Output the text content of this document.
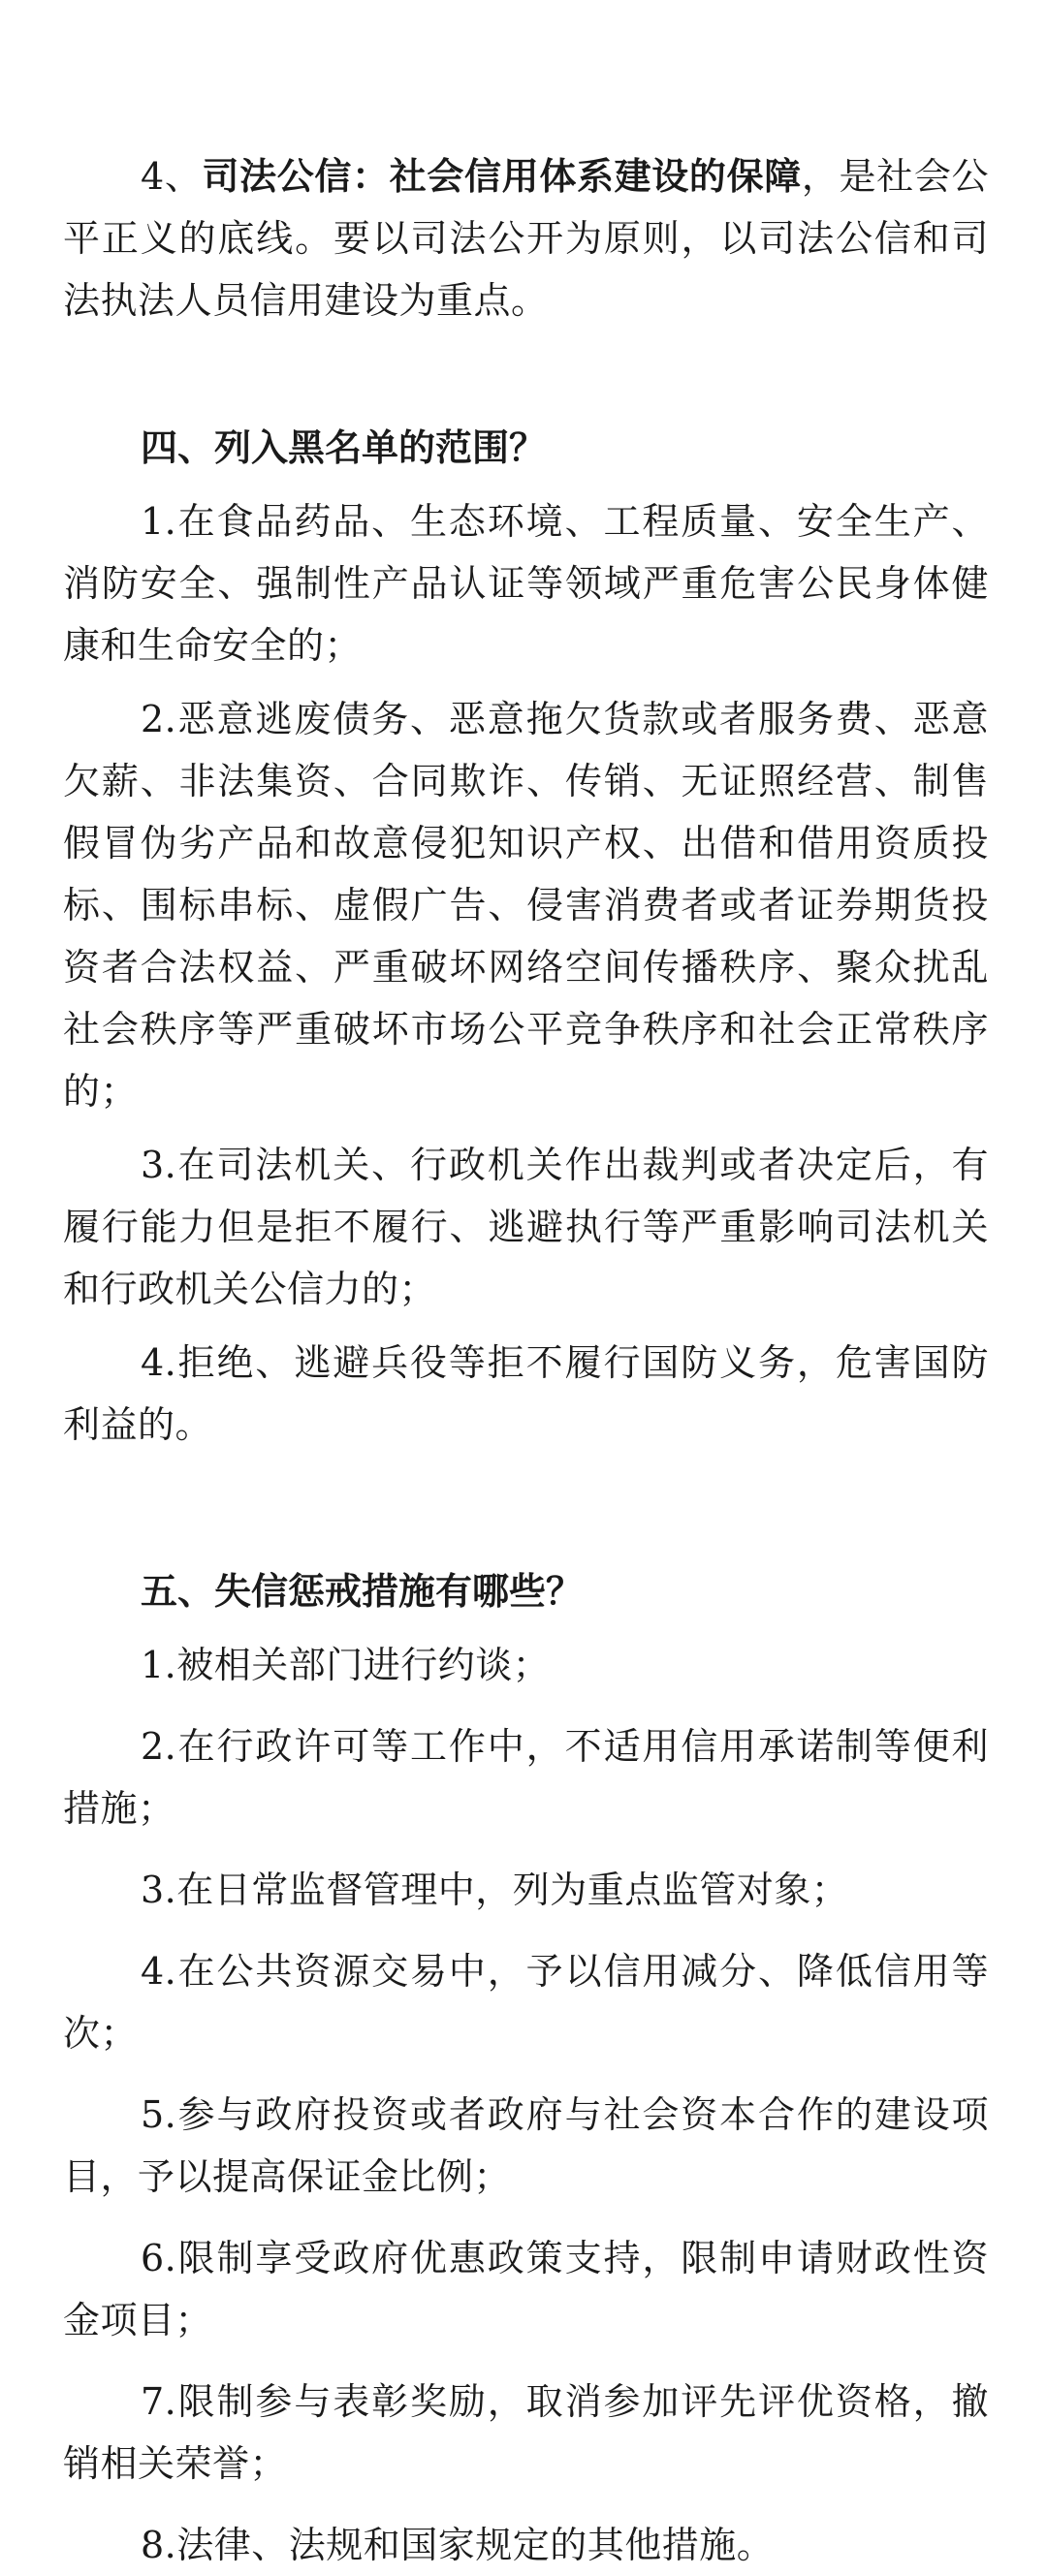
4、司法公信：社会信用体系建设的保障，是社会公平正义的底线。要以司法公开为原则，以司法公信和司法执法人员信用建设为重点。

四、列入黑名单的范围？

1.在食品药品、生态环境、工程质量、安全生产、消防安全、强制性产品认证等领域严重危害公民身体健康和生命安全的；

2.恶意逃废债务、恶意拖欠货款或者服务费、恶意欠薪、非法集资、合同欺诈、传销、无证照经营、制售假冒伪劣产品和故意侵犯知识产权、出借和借用资质投标、围标串标、虚假广告、侵害消费者或者证券期货投资者合法权益、严重破坏网络空间传播秩序、聚众扰乱社会秩序等严重破坏市场公平竞争秩序和社会正常秩序的；

3.在司法机关、行政机关作出裁判或者决定后，有履行能力但是拒不履行、逃避执行等严重影响司法机关和行政机关公信力的；

4.拒绝、逃避兵役等拒不履行国防义务，危害国防利益的。

五、失信惩戒措施有哪些？

1.被相关部门进行约谈；

2.在行政许可等工作中，不适用信用承诺制等便利措施；

3.在日常监督管理中，列为重点监管对象；

4.在公共资源交易中，予以信用减分、降低信用等次；

5.参与政府投资或者政府与社会资本合作的建设项目，予以提高保证金比例；

6.限制享受政府优惠政策支持，限制申请财政性资金项目；

7.限制参与表彰奖励，取消参加评先评优资格，撤销相关荣誉；

8.法律、法规和国家规定的其他措施。
